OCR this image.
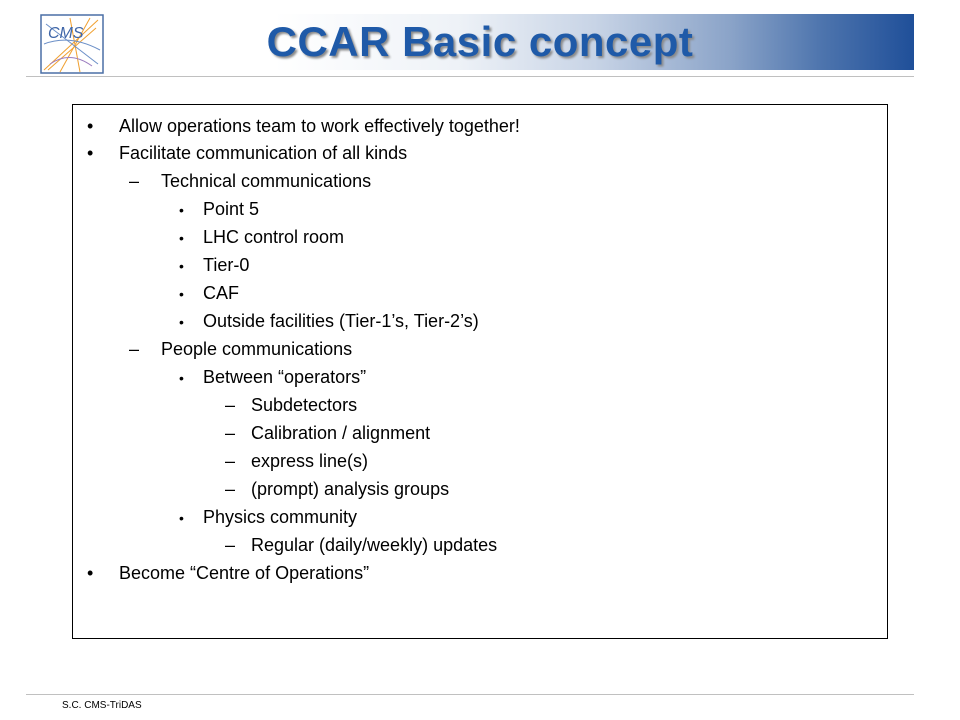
CMS	CCAR Basic concept
• Allow operations team to work effectively together!
• Facilitate communication of all kinds
– Technical communications
• Point 5
• LHC control room
• Tier-0
• CAF
• Outside facilities (Tier-1’s, Tier-2’s)
– People communications
• Between “operators”
– Subdetectors
– Calibration / alignment
– express line(s)
– (prompt) analysis groups
• Physics community
– Regular (daily/weekly) updates
• Become “Centre of Operations”
S.C. CMS-TriDAS
